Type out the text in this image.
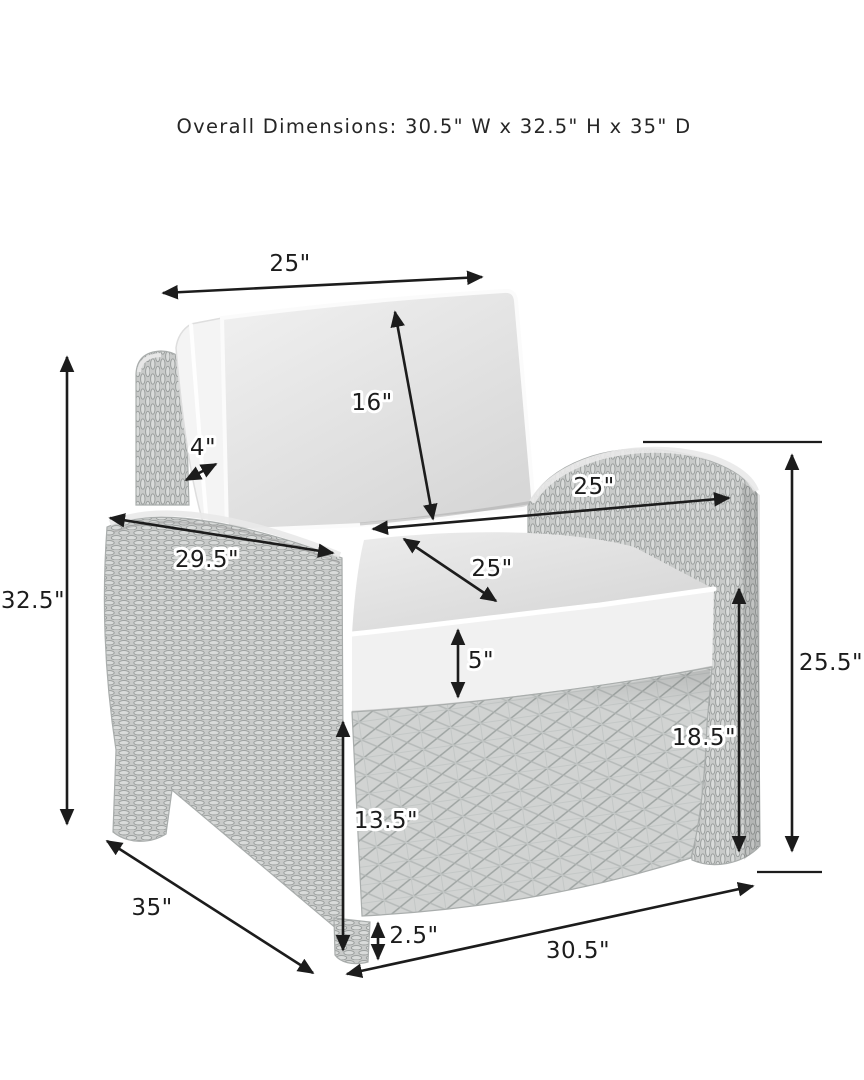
25"
16"
4"
25"
29.5"	25"
5"
32.5"
25.5"
18.5"
13.5"
2.5"
35"
30.5"
Overall Dimensions: 30.5" W x 32.5" H x 35" D
